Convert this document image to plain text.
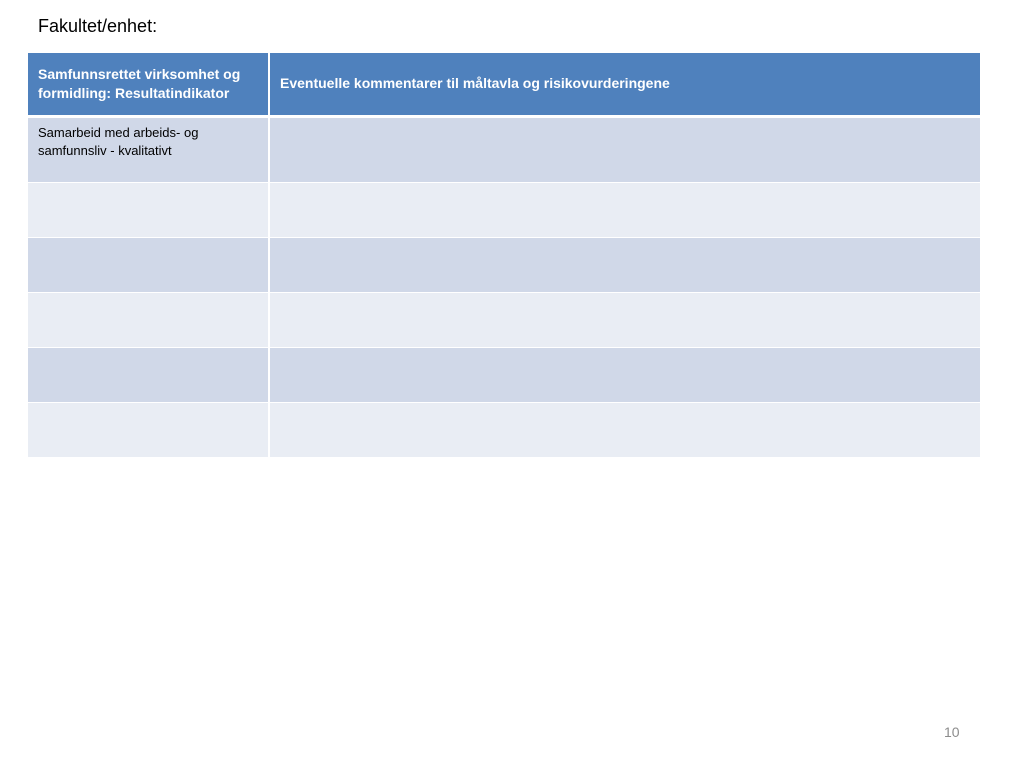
Fakultet/enhet:
Samfunnsrettet virksomhet og formidling: Resultatindikator	Eventuelle kommentarer til måltavla og risikovurderingene
Samarbeid med arbeids- og samfunnsliv - kvalitativt	

10
